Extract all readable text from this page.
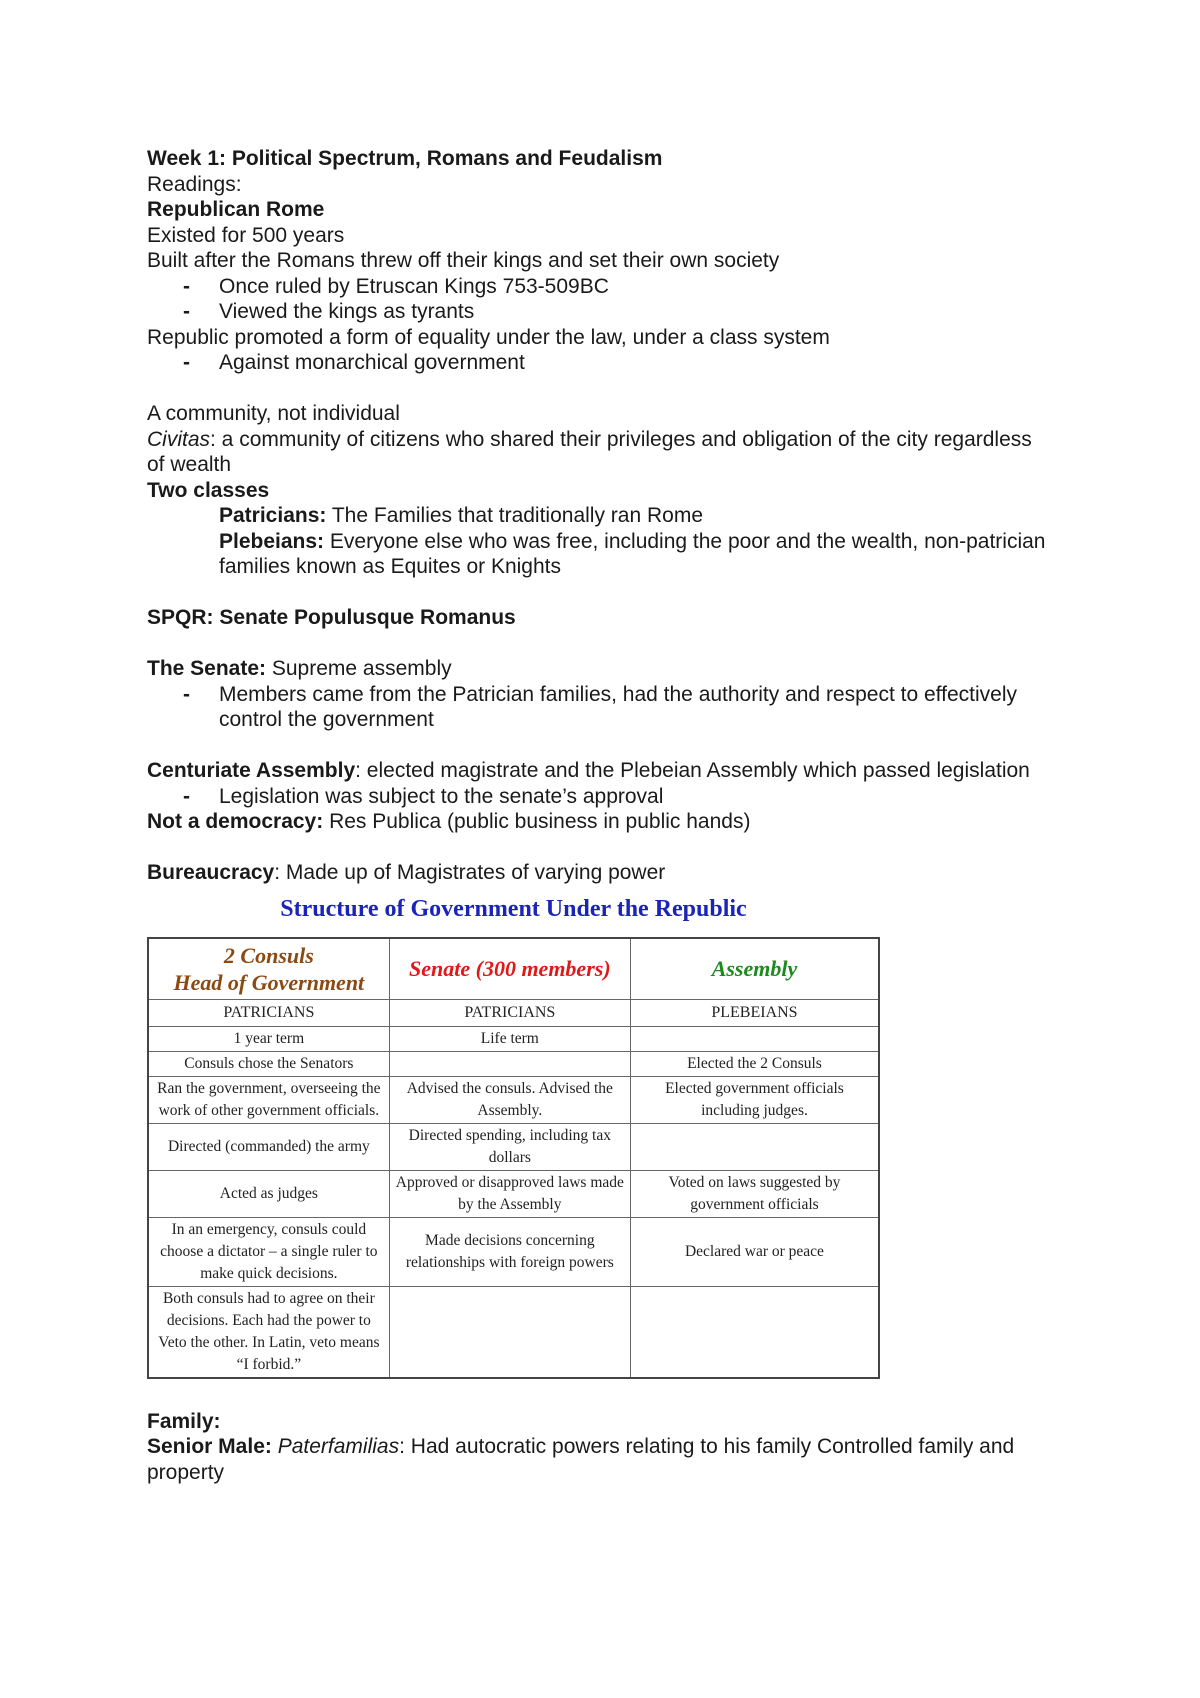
Week 1: Political Spectrum, Romans and Feudalism
Readings:
Republican Rome
Existed for 500 years
Built after the Romans threw off their kings and set their own society
- Once ruled by Etruscan Kings 753-509BC
- Viewed the kings as tyrants
Republic promoted a form of equality under the law, under a class system
- Against monarchical government
A community, not individual
Civitas: a community of citizens who shared their privileges and obligation of the city regardless of wealth
Two classes
Patricians: The Families that traditionally ran Rome
Plebeians: Everyone else who was free, including the poor and the wealth, non-patrician families known as Equites or Knights
SPQR: Senate Populusque Romanus
The Senate: Supreme assembly
- Members came from the Patrician families, had the authority and respect to effectively control the government
Centuriate Assembly: elected magistrate and the Plebeian Assembly which passed legislation
- Legislation was subject to the senate’s approval
Not a democracy: Res Publica (public business in public hands)
Bureaucracy: Made up of Magistrates of varying power
Structure of Government Under the Republic
2 Consuls
Head of Government	Senate (300 members)	Assembly
PATRICIANS	PATRICIANS	PLEBEIANS
1 year term	Life term	
Consuls chose the Senators		Elected the 2 Consuls
Ran the government, overseeing the work of other government officials.	Advised the consuls. Advised the Assembly.	Elected government officials including judges.
Directed (commanded) the army	Directed spending, including tax dollars	
Acted as judges	Approved or disapproved laws made by the Assembly	Voted on laws suggested by government officials
In an emergency, consuls could choose a dictator – a single ruler to make quick decisions.	Made decisions concerning relationships with foreign powers	Declared war or peace
Both consuls had to agree on their decisions. Each had the power to Veto the other. In Latin, veto means “I forbid.”		
Family:
Senior Male: Paterfamilias: Had autocratic powers relating to his family Controlled family and property
